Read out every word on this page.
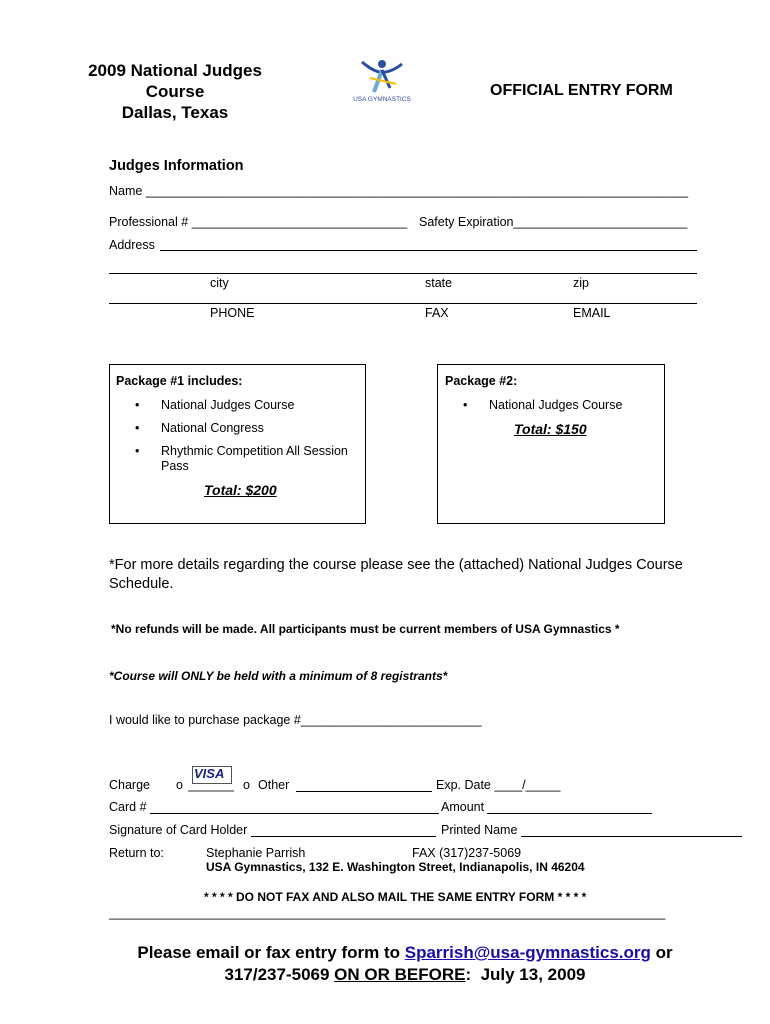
2009 National Judges
Course
Dallas, Texas
USA GYMNASTICS
OFFICIAL ENTRY FORM
Judges Information
Name ______________________________________________________________________________
Professional # _______________________________ Safety Expiration_________________________
Address
city	state	zip
PHONE	FAX	EMAIL
Package #1 includes:
• National Judges Course
• National Congress
• Rhythmic Competition All Session
Pass
Total: $200
Package #2:
• National Judges Course
Total: $150
*For more details regarding the course please see the (attached) National Judges Course
Schedule.
*No refunds will be made. All participants must be current members of USA Gymnastics *
*Course will ONLY be held with a minimum of 8 registrants*
I would like to purchase package #__________________________
Charge o
VISA
o Other	Exp. Date ____/_____
Card #	Amount
Signature of Card Holder	Printed Name
Return to:	Stephanie Parrish	FAX (317)237-5069
USA Gymnastics, 132 E. Washington Street, Indianapolis, IN 46204
* * * * DO NOT FAX AND ALSO MAIL THE SAME ENTRY FORM * * * *
________________________________________________________________________________
Please email or fax entry form to Sparrish@usa-gymnastics.org or
317/237-5069 ON OR BEFORE:  July 13, 2009
